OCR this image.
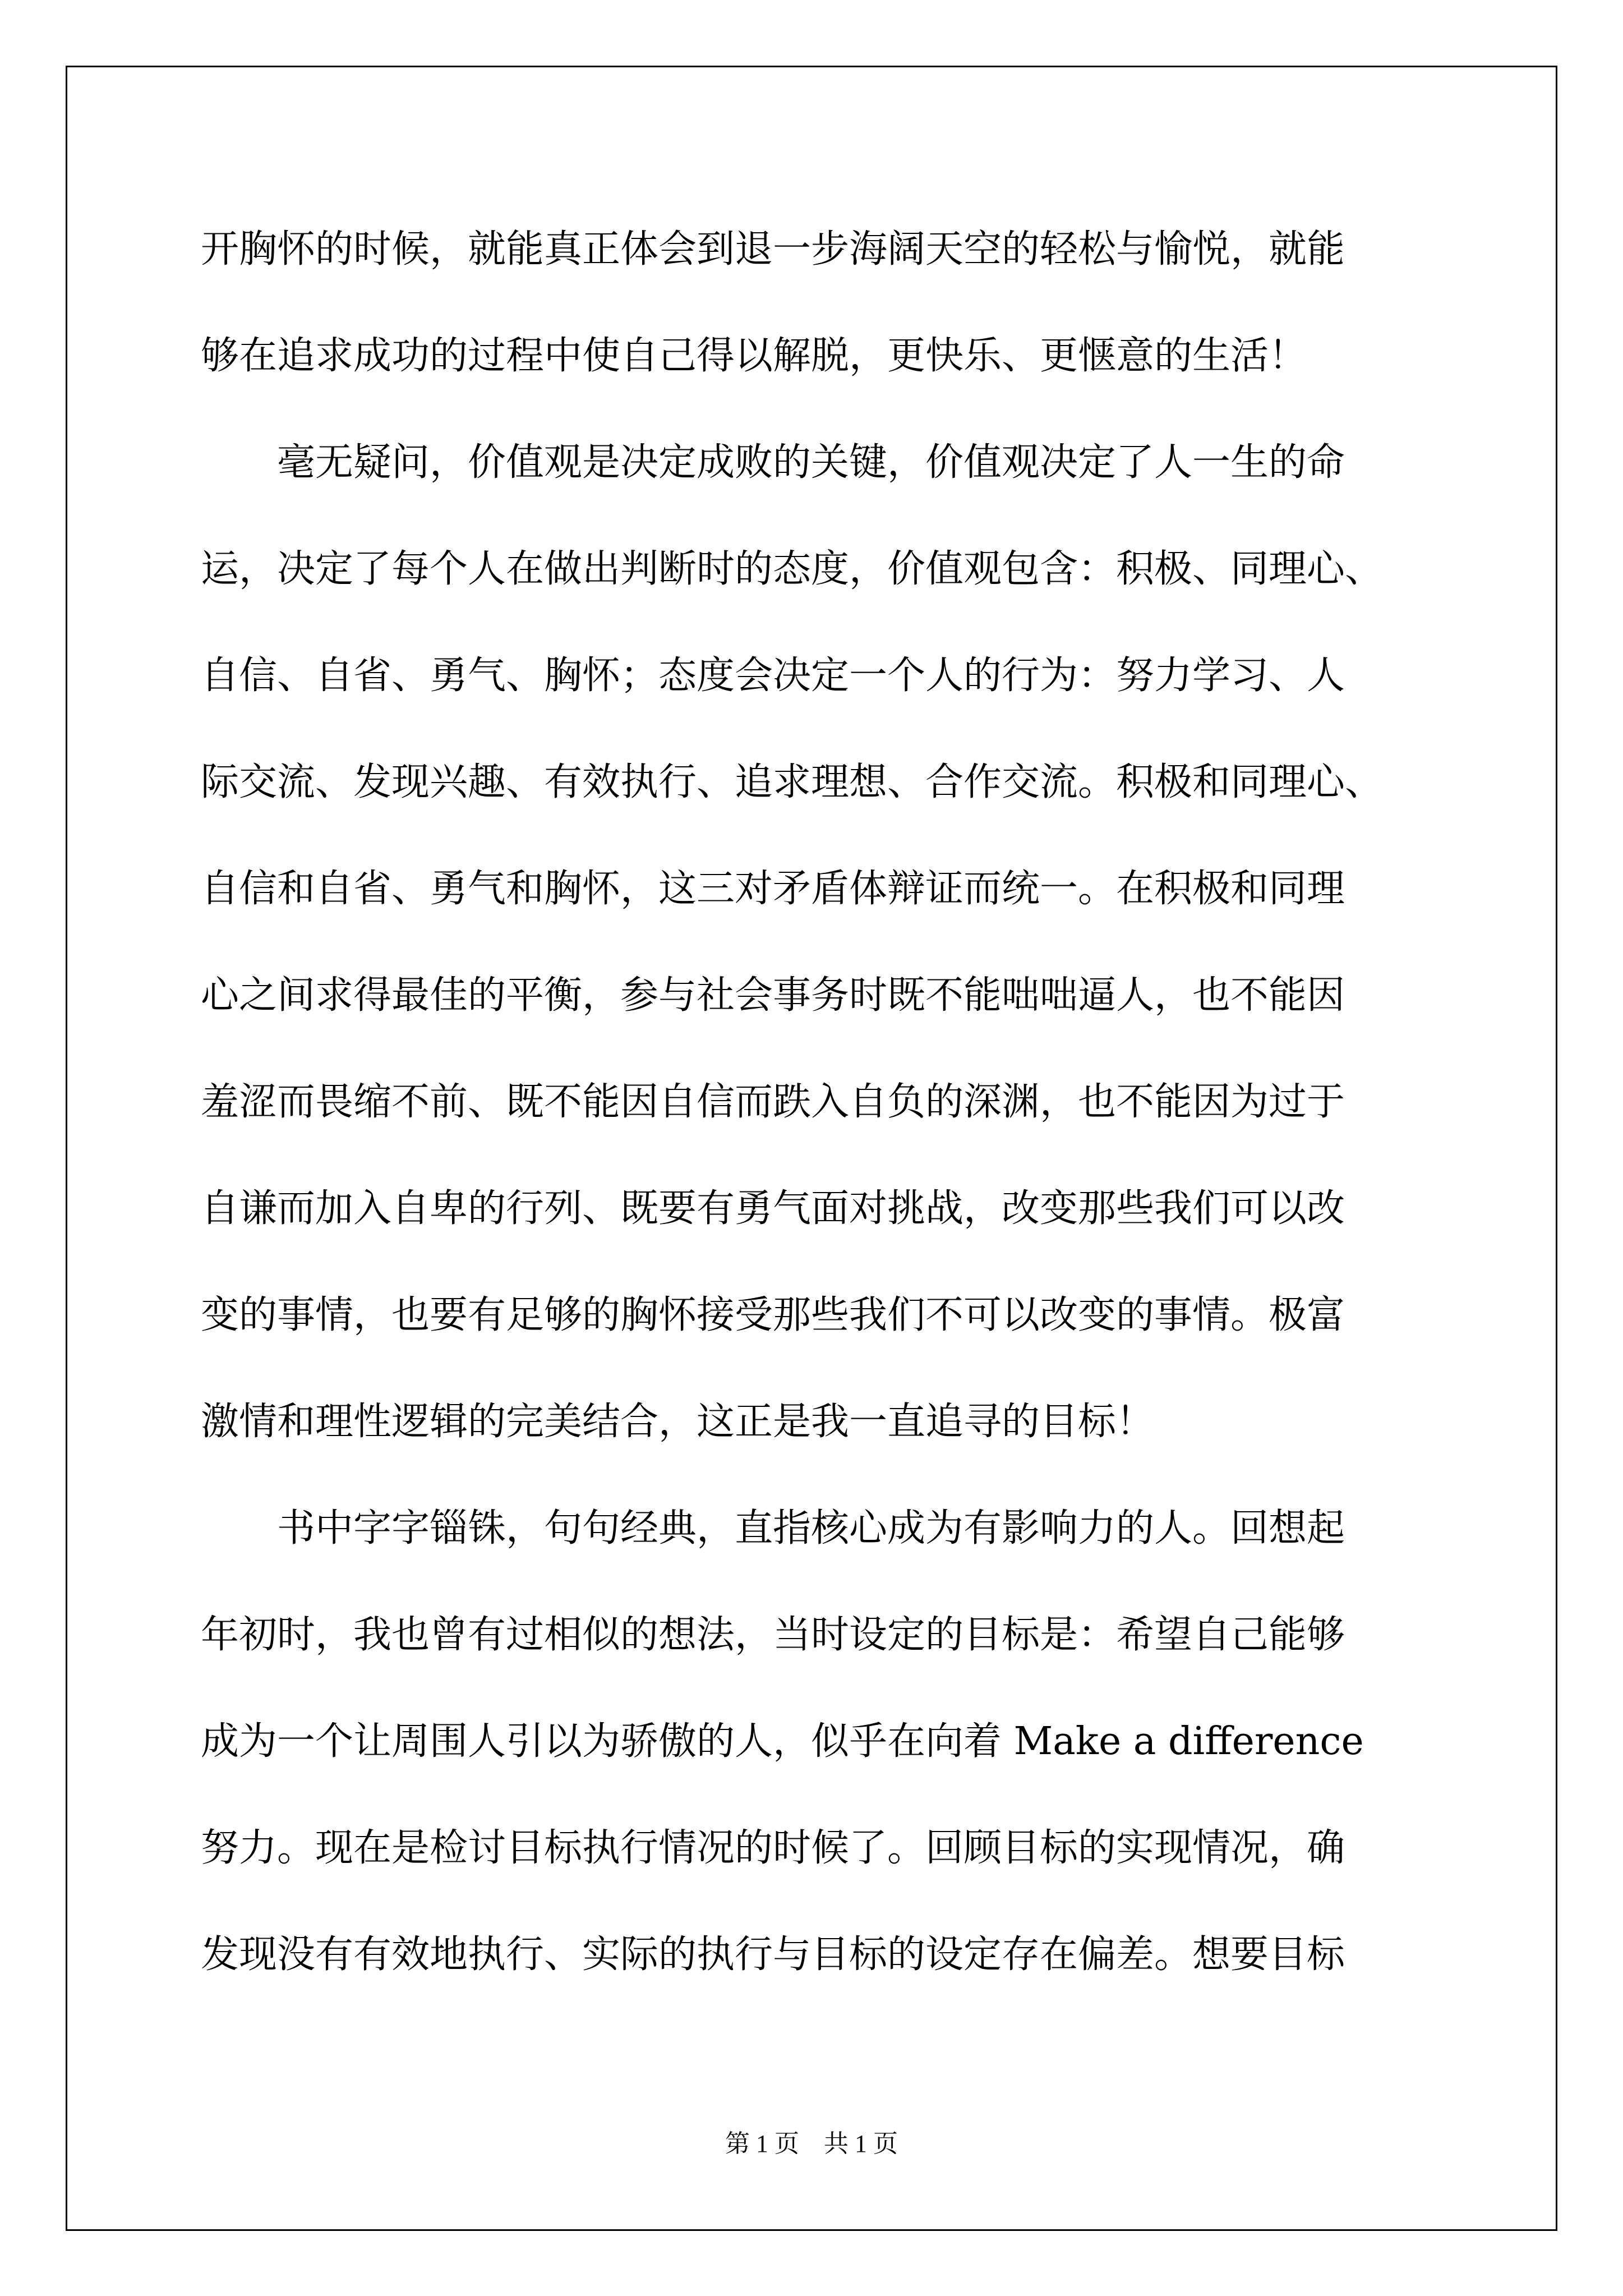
开胸怀的时候，就能真正体会到退一步海阔天空的轻松与愉悦，就能
够在追求成功的过程中使自己得以解脱，更快乐、更惬意的生活！
　　毫无疑问，价值观是决定成败的关键，价值观决定了人一生的命
运，决定了每个人在做出判断时的态度，价值观包含：积极、同理心、
自信、自省、勇气、胸怀；态度会决定一个人的行为：努力学习、人
际交流、发现兴趣、有效执行、追求理想、合作交流。积极和同理心、
自信和自省、勇气和胸怀，这三对矛盾体辩证而统一。在积极和同理
心之间求得最佳的平衡，参与社会事务时既不能咄咄逼人，也不能因
羞涩而畏缩不前、既不能因自信而跌入自负的深渊，也不能因为过于
自谦而加入自卑的行列、既要有勇气面对挑战，改变那些我们可以改
变的事情，也要有足够的胸怀接受那些我们不可以改变的事情。极富
激情和理性逻辑的完美结合，这正是我一直追寻的目标！
　　书中字字锱铢，句句经典，直指核心成为有影响力的人。回想起
年初时，我也曾有过相似的想法，当时设定的目标是：希望自己能够
成为一个让周围人引以为骄傲的人，似乎在向着 Make a difference
努力。现在是检讨目标执行情况的时候了。回顾目标的实现情况，确
发现没有有效地执行、实际的执行与目标的设定存在偏差。想要目标
第 1 页　共 1 页
